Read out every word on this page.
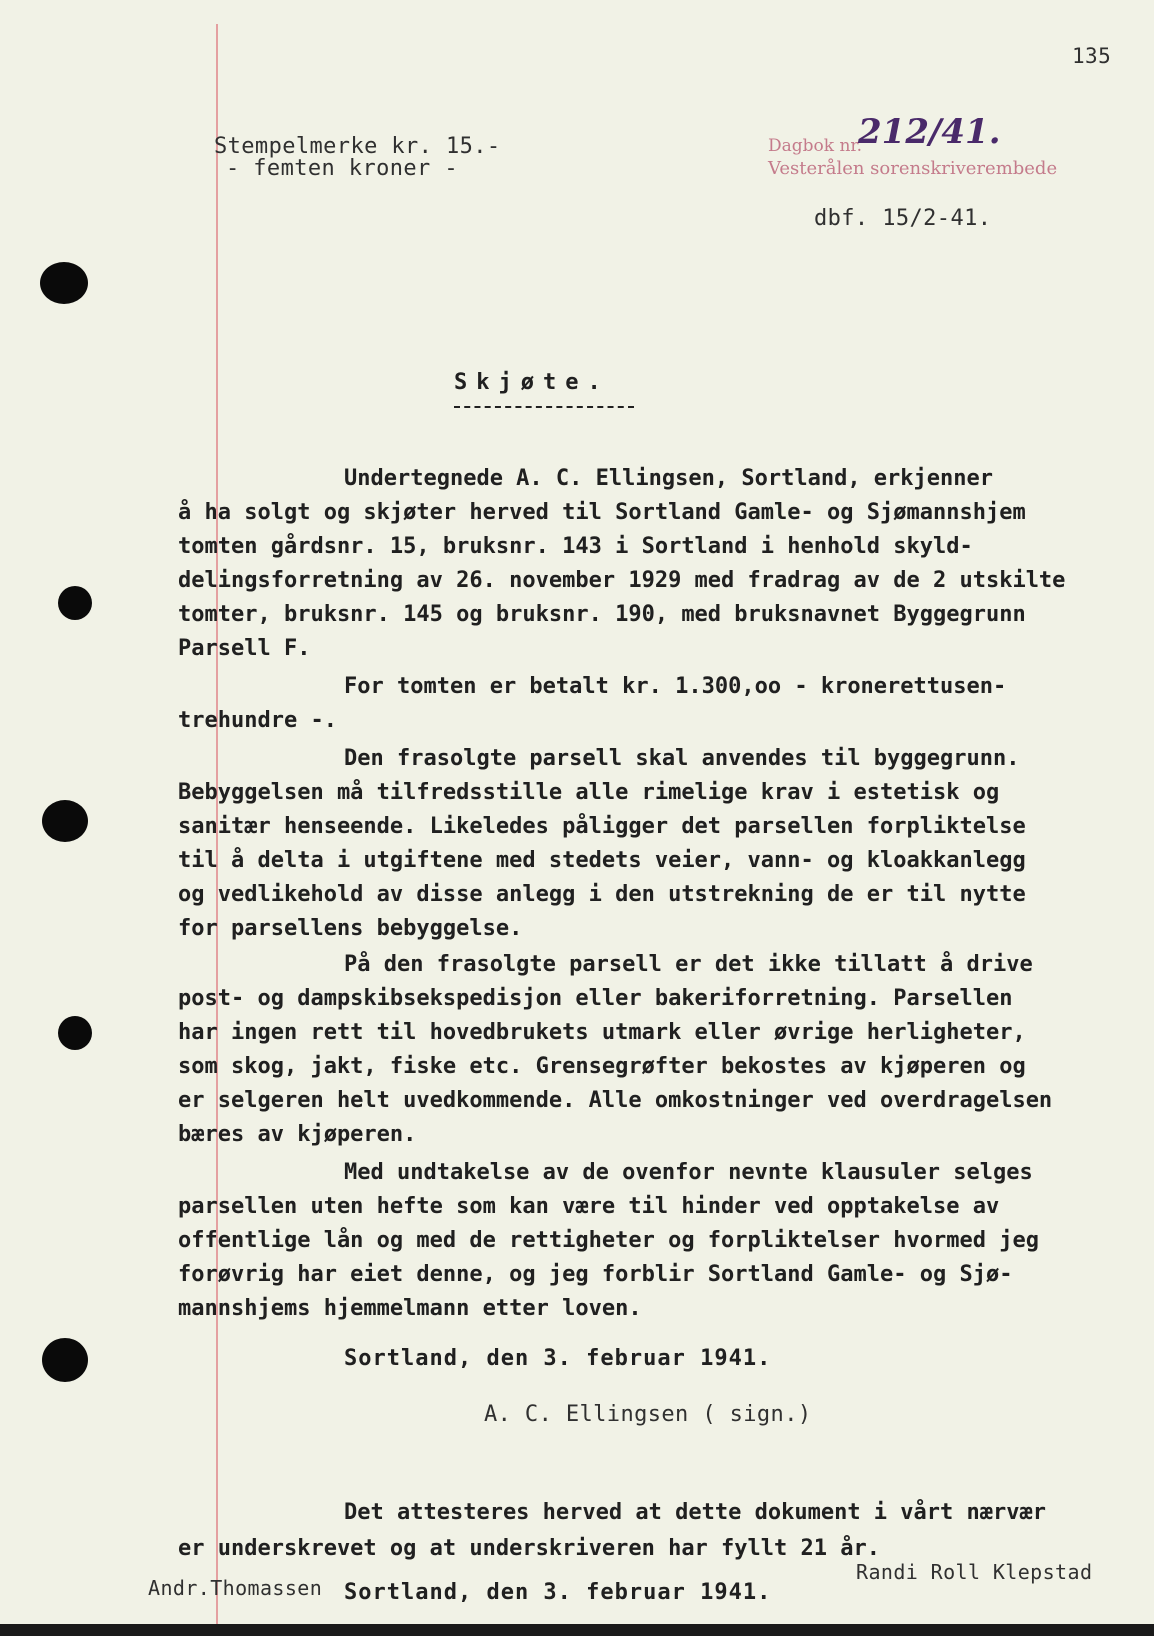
135
Stempelmerke kr. 15.-
- femten kroner -
Dagbok nr.
212/41.
Vesterålen sorenskriverembede
dbf. 15/2-41.
Skjøte.
Undertegnede A. C. Ellingsen, Sortland, erkjenner
å ha solgt og skjøter herved til Sortland Gamle- og Sjømannshjem
tomten gårdsnr. 15, bruksnr. 143 i Sortland i henhold skyld-
delingsforretning av 26. november 1929 med fradrag av de 2 utskilte
tomter, bruksnr. 145 og bruksnr. 190, med bruksnavnet Byggegrunn
Parsell F.
For tomten er betalt kr. 1.300,oo - kronerettusen-
trehundre -.
Den frasolgte parsell skal anvendes til byggegrunn.
Bebyggelsen må tilfredsstille alle rimelige krav i estetisk og
sanitær henseende. Likeledes påligger det parsellen forpliktelse
til å delta i utgiftene med stedets veier, vann- og kloakkanlegg
og vedlikehold av disse anlegg i den utstrekning de er til nytte
for parsellens bebyggelse.
På den frasolgte parsell er det ikke tillatt å drive
post- og dampskibsekspedisjon eller bakeriforretning. Parsellen
har ingen rett til hovedbrukets utmark eller øvrige herligheter,
som skog, jakt, fiske etc. Grensegrøfter bekostes av kjøperen og
er selgeren helt uvedkommende. Alle omkostninger ved overdragelsen
bæres av kjøperen.
Med undtakelse av de ovenfor nevnte klausuler selges
parsellen uten hefte som kan være til hinder ved opptakelse av
offentlige lån og med de rettigheter og forpliktelser hvormed jeg
forøvrig har eiet denne, og jeg forblir Sortland Gamle- og Sjø-
mannshjems hjemmelmann etter loven.
Sortland, den 3. februar 1941.
A. C. Ellingsen ( sign.)
Det attesteres herved at dette dokument i vårt nærvær
er underskrevet og at underskriveren har fyllt 21 år.
Randi Roll Klepstad
Andr.Thomassen Sortland, den 3. februar 1941.
